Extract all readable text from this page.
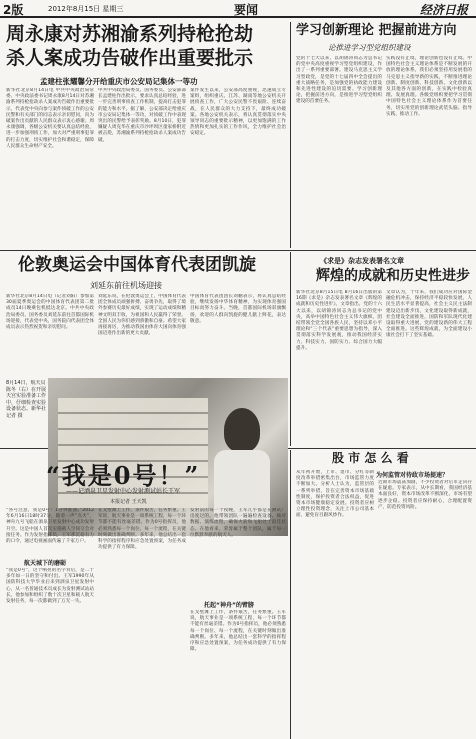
2版	2012年8月15日 星期三	要闻	经济日报
周永康对苏湘渝系列持枪抢劫
杀人案成功告破作出重要批示
孟建柱张耀馨分开给重庆市公安局记集体一等功
新华社北京8月14日电 中共中央政治局常委、中央政法委书记周永康8月14日对苏湘渝系列持枪抢劫杀人案成功告破作出重要批示，代表党中央向参与案件侦破工作的公安民警和有关部门的同志表示亲切慰问，向为破案作出贡献的人民群众表示衷心感谢。周永康强调，各级公安机关要认真总结经验，进一步加强刑侦工作，加大对严重刑事犯罪的打击力度，切实维护社会和谐稳定，保障人民群众生命财产安全。
中共中央政治局委员、国务委员、公安部部长孟建柱作出批示，要求认真总结经验，进一步完善刑事侦查工作机制，提高打击犯罪的能力和水平。据了解，公安部决定给重庆市公安局记集体一等功，对侦破工作中表现突出的民警给予表彰奖励。8月10日，犯罪嫌疑人周克华在重庆市沙坪坝区童家桥附近被击毙，苏湘渝系列持枪抢劫杀人案成功告破。
案件发生以来，公安部高度重视，迅速成立专案组，组织重庆、江苏、湖南等地公安机关开展侦查工作，广大公安民警不畏艰险、连续奋战，在人民群众的大力支持下，最终成功破案。各地公安机关表示，将认真贯彻落实中央领导同志的重要批示精神，以更加饱满的工作热情和更加扎实的工作作风，全力维护社会治安稳定。
学习创新理论 把握前进方向
论推进学习型党组织建设
党的十七大以来，以胡锦涛同志为总书记的党中央高度重视学习型党组织建设，作出了一系列重要部署。建设马克思主义学习型政党，是党的十七届四中全会提出的重大战略任务，是加强党的执政能力建设和先进性建设的迫切需要。学习创新理论，把握前进方向，是推进学习型党组织建设的首要任务。
实践没有止境，理论创新也没有止境。中国特色社会主义理论体系是不断发展的开放的理论体系，我们必须坚持用发展着的马克思主义指导新的实践，不断推进理论创新、制度创新、科技创新、文化创新以及其他各方面的创新，在实践中检验真理、发展真理。各级党组织要把学习贯彻中国特色社会主义理论体系作为首要任务，切实用党的创新理论武装头脑、指导实践、推动工作。
伦敦奥运会中国体育代表团凯旋
刘延东前往机场迎接
新华社北京8月14日电（记者刘阳）参加第30届夏季奥运会的中国体育代表团第二批成员14日晚乘包机抵达北京。中共中央政治局委员、国务委员刘延东前往首都国际机场迎接，代表党中央、国务院向代表团全体成员表示热烈祝贺和亲切慰问。
刘延东说，在伦敦奥运会上，中国体育代表团全体成员顽强拼搏、奋勇争先，取得了境外参赛历史最好成绩，实现了运动成绩和精神文明双丰收，为祖国和人民赢得了荣誉。全国人民为你们感到骄傲和自豪。希望大家再接再厉，为推动我国由体育大国向体育强国迈进作出新的更大贡献。
中国体育代表团团长刘鹏表示，将认真总结经验，继续发扬中华体育精神，为实现体育强国目标而努力奋斗。当晚，首都国际机场彩旗飘扬，欢迎的人群向凯旋的健儿献上鲜花，表达敬意。
8月14日，航天员陈冬（右）在开展天宫实验准备工作中，仔细检查实验设备状态。新华社记者 摄
《求是》杂志发表署名文章
辉煌的成就和历史性进步
新华社北京8月15日电 8月16日出版的第16期《求是》杂志发表署名文章《辉煌的成就和历史性进步》。文章指出，党的十六大以来，以胡锦涛同志为总书记的党中央，高举中国特色社会主义伟大旗帜，团结带领全党全国各族人民，坚持以邓小平理论和“三个代表”重要思想为指导，深入贯彻落实科学发展观，推动我国经济实力、科技实力、国防实力、综合国力大幅提升。
文章认为，十年来，我们成功应对国际金融危机冲击，保持经济平稳较快发展，人民生活水平显著提高，社会主义民主法制建设迈出新步伐，文化建设取得新成就，社会建设全面推进，国防和军队现代化建设取得重大进展，党的建设新的伟大工程全面推进。这些辉煌成就，为全面建设小康社会打下了坚实基础。
“我是0号！”
——记酒泉卫星发射中心发射测试站长王军
本报记者 王天凯
“各号注意，我是0号！1分钟准备。”2012年6月16日18时37分，随着一声“点火”，神舟九号飞船在酒泉卫星发射中心成功发射升空。这是中国人首次实施载人空间交会对接任务。作为发射指挥员，王军那沉稳有力的口令，通过电视画面传遍了千家万户。
航天城下的磨砺
“我是0号”，这个响亮的名字背后，是二十多年如一日的坚守和付出。王军1990年从国防科技大学毕业后来到酒泉卫星发射中心，从一名普通技术员成长为发射测试站站长。他参加和组织了数十次卫星和载人航天发射任务，每一次都做到了万无一失。
在戈壁滩上工作，条件艰苦，任务繁重。王军说，航天事业是一项系统工程，每一个环节都不能有丝毫差错。作为0号指挥员，他必须熟悉每一个岗位、每一个流程，在关键时刻做出准确判断。多年来，他总结出一套科学的指挥程序和应急处置预案，为任务成功提供了有力保障。
托起“神舟”的臂膀
发射前的每一个夜晚，王军几乎都是在测试厂房度过的。他带领团队一遍遍检查设备、核对数据、演练流程，确保火箭和飞船处于最佳状态。在他看来，荣誉属于整个团队，属于每一位默默奉献的航天人。
在戈壁滩上工作，条件艰苦，任务繁重。王军说，航天事业是一项系统工程，每一个环节都不能有丝毫差错。作为0号指挥员，他必须熟悉每一个岗位、每一个流程，在关键时刻做出准确判断。多年来，他总结出一套科学的指挥程序和应急处置预案，为任务成功提供了有力保障。
股 市 怎 么 看
为何监管对待政市场提速？
从年初开始，上市、退市、分红等制度改革举措密集出台，市场监管力度不断加大。分析人士认为，监管层的一系列举措，旨在完善资本市场基础性制度，保护投资者合法权益，促进资本市场健康稳定发展。投资者应树立理性投资理念，关注上市公司基本面，避免盲目跟风炒作。
近期市场震荡加剧，不少投资者对后市走向存在疑虑。专家表示，从中长期看，我国经济基本面良好，资本市场改革不断深化，市场有望逐步企稳。投资者应保持耐心，合理配置资产，防范投资风险。
